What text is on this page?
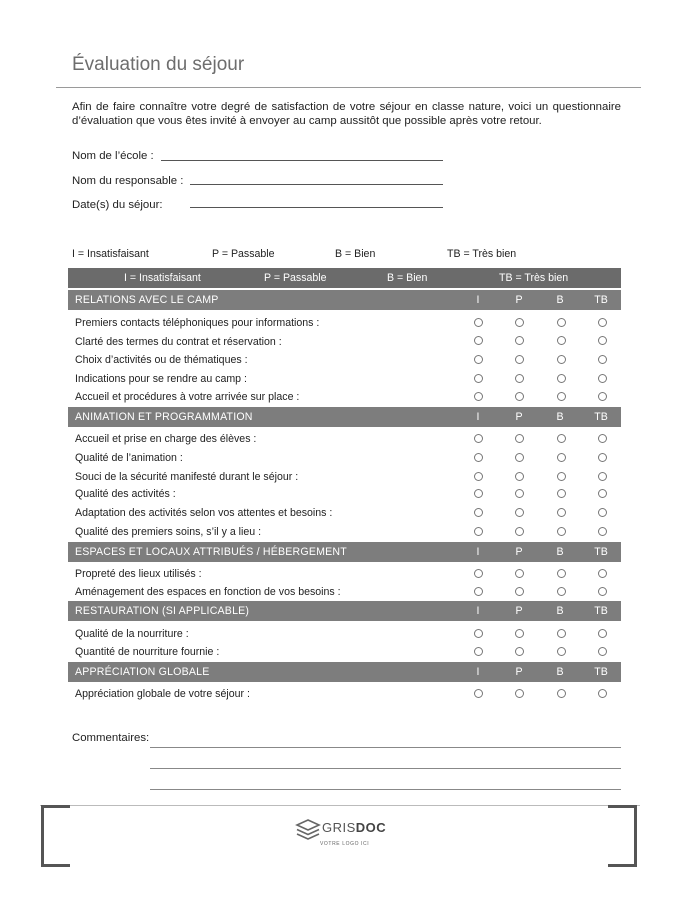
Évaluation du séjour
Afin de faire connaître votre degré de satisfaction de votre séjour en classe nature, voici un questionnaire d’évaluation que vous êtes invité à envoyer au camp aussitôt que possible après votre retour.
Nom de l’école :
Nom du responsable :
Date(s) du séjour:
I = Insatisfaisant	P = Passable	B = Bien	TB = Très bien
I = Insatisfaisant	P = Passable	B = Bien	TB = Très bien
RELATIONS AVEC LE CAMP	I	P	B	TB
Premiers contacts téléphoniques pour informations :
Clarté des termes du contrat et réservation :
Choix d’activités ou de thématiques :
Indications pour se rendre au camp :
Accueil et procédures à votre arrivée sur place :
ANIMATION ET PROGRAMMATION	I	P	B	TB
Accueil et prise en charge des élèves :
Qualité de l’animation :
Souci de la sécurité manifesté durant le séjour :
Qualité des activités :
Adaptation des activités selon vos attentes et besoins :
Qualité des premiers soins, s’il y a lieu :
ESPACES ET LOCAUX ATTRIBUÉS / HÉBERGEMENT	I	P	B	TB
Propreté des lieux utilisés :
Aménagement des espaces en fonction de vos besoins :
RESTAURATION (SI APPLICABLE)	I	P	B	TB
Qualité de la nourriture :
Quantité de nourriture fournie :
APPRÉCIATION GLOBALE	I	P	B	TB
Appréciation globale de votre séjour :
Commentaires:
GRISDOC
VOTRE LOGO ICI
